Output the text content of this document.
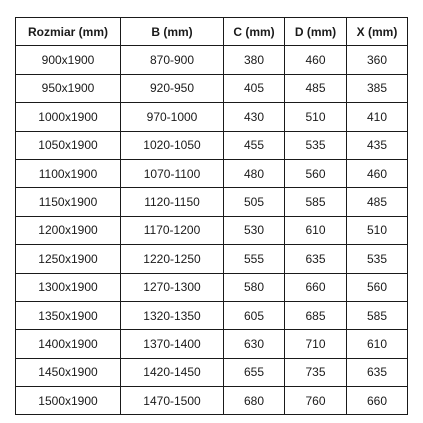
Rozmiar (mm)	B (mm)	C (mm)	D (mm)	X (mm)
900x1900	870-900	380	460	360
950x1900	920-950	405	485	385
1000x1900	970-1000	430	510	410
1050x1900	1020-1050	455	535	435
1100x1900	1070-1100	480	560	460
1150x1900	1120-1150	505	585	485
1200x1900	1170-1200	530	610	510
1250x1900	1220-1250	555	635	535
1300x1900	1270-1300	580	660	560
1350x1900	1320-1350	605	685	585
1400x1900	1370-1400	630	710	610
1450x1900	1420-1450	655	735	635
1500x1900	1470-1500	680	760	660
